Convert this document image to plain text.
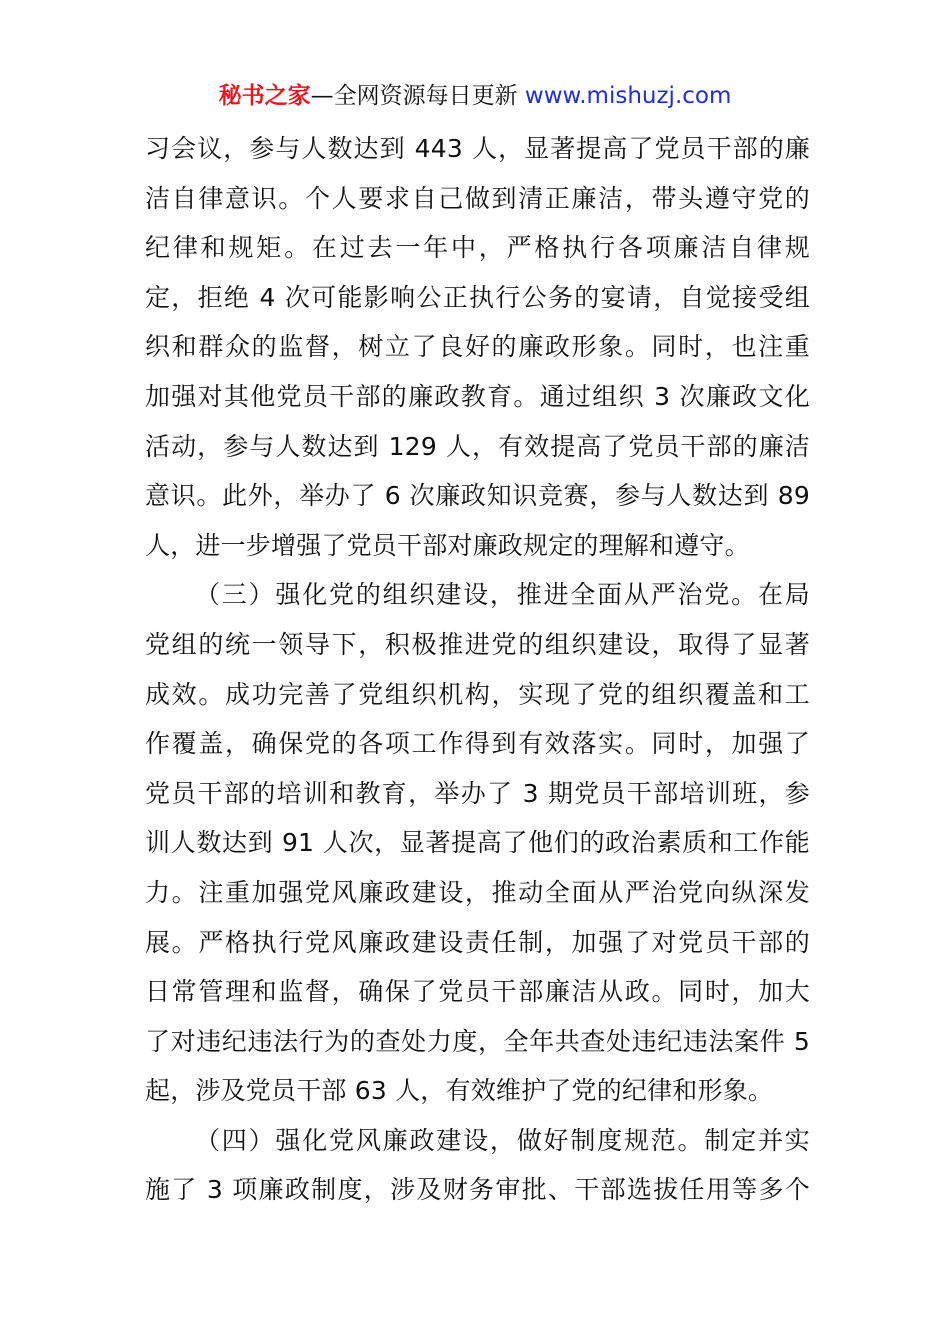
秘书之家—全网资源每日更新 www.mishuzj.com
习会议，参与人数达到 443 人，显著提高了党员干部的廉
洁自律意识。个人要求自己做到清正廉洁，带头遵守党的
纪律和规矩。在过去一年中，严格执行各项廉洁自律规
定，拒绝 4 次可能影响公正执行公务的宴请，自觉接受组
织和群众的监督，树立了良好的廉政形象。同时，也注重
加强对其他党员干部的廉政教育。通过组织 3 次廉政文化
活动，参与人数达到 129 人，有效提高了党员干部的廉洁
意识。此外，举办了 6 次廉政知识竞赛，参与人数达到 89
人，进一步增强了党员干部对廉政规定的理解和遵守。
（三）强化党的组织建设，推进全面从严治党。在局
党组的统一领导下，积极推进党的组织建设，取得了显著
成效。成功完善了党组织机构，实现了党的组织覆盖和工
作覆盖，确保党的各项工作得到有效落实。同时，加强了
党员干部的培训和教育，举办了 3 期党员干部培训班，参
训人数达到 91 人次，显著提高了他们的政治素质和工作能
力。注重加强党风廉政建设，推动全面从严治党向纵深发
展。严格执行党风廉政建设责任制，加强了对党员干部的
日常管理和监督，确保了党员干部廉洁从政。同时，加大
了对违纪违法行为的查处力度，全年共查处违纪违法案件 5
起，涉及党员干部 63 人，有效维护了党的纪律和形象。
（四）强化党风廉政建设，做好制度规范。制定并实
施了 3 项廉政制度，涉及财务审批、干部选拔任用等多个
